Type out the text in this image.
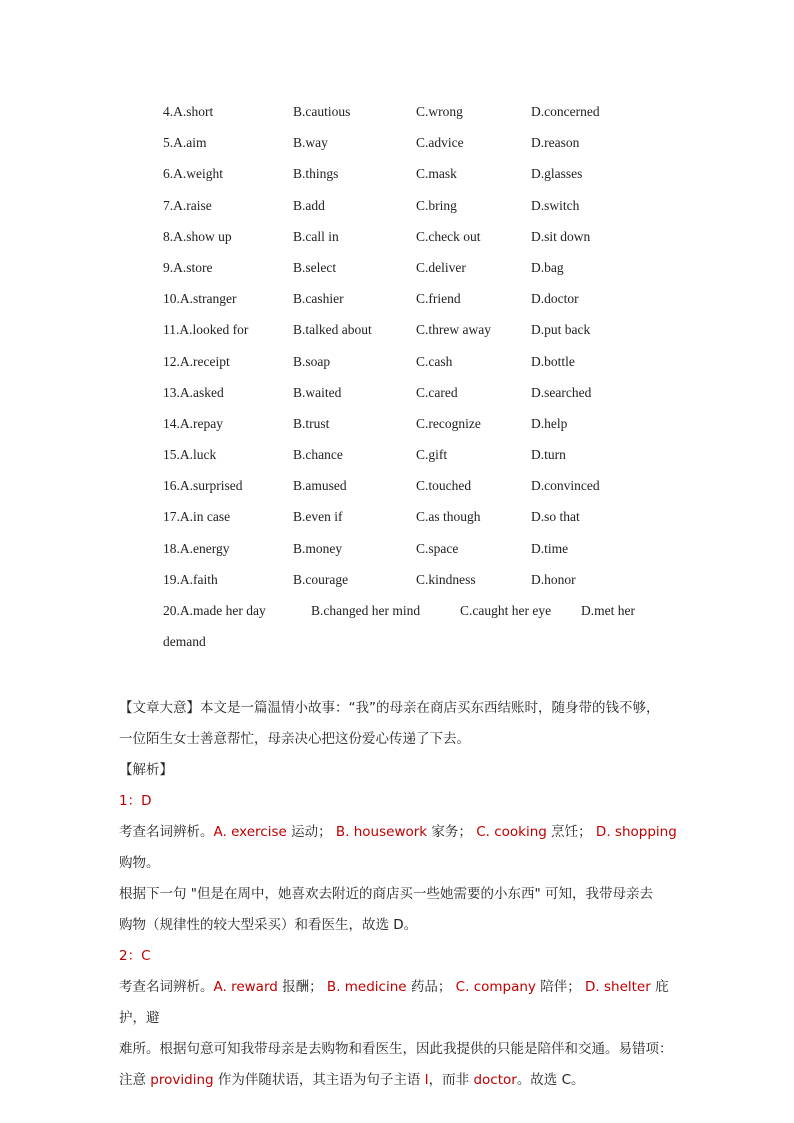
4.A.short	B.cautious	C.wrong	D.concerned
5.A.aim	B.way	C.advice	D.reason
6.A.weight	B.things	C.mask	D.glasses
7.A.raise	B.add	C.bring	D.switch
8.A.show up	B.call in	C.check out	D.sit down
9.A.store	B.select	C.deliver	D.bag
10.A.stranger	B.cashier	C.friend	D.doctor
11.A.looked for	B.talked about	C.threw away	D.put back
12.A.receipt	B.soap	C.cash	D.bottle
13.A.asked	B.waited	C.cared	D.searched
14.A.repay	B.trust	C.recognize	D.help
15.A.luck	B.chance	C.gift	D.turn
16.A.surprised	B.amused	C.touched	D.convinced
17.A.in case	B.even if	C.as though	D.so that
18.A.energy	B.money	C.space	D.time
19.A.faith	B.courage	C.kindness	D.honor
20.A.made her day	B.changed her mind	C.caught her eye D.met her
demand

【文章大意】本文是一篇温情小故事：“我”的母亲在商店买东西结账时，随身带的钱不够，

一位陌生女士善意帮忙，母亲决心把这份爱心传递了下去。

【解析】

1：D

考查名词辨析。A. exercise 运动； B. housework 家务； C. cooking 烹饪； D. shopping购物。

根据下一句 "但是在周中，她喜欢去附近的商店买一些她需要的小东西" 可知，我带母亲去

购物（规律性的较大型采买）和看医生，故选 D。

2：C

考查名词辨析。A. reward 报酬； B. medicine 药品； C. company 陪伴； D. shelter 庇护，避

难所。根据句意可知我带母亲是去购物和看医生，因此我提供的只能是陪伴和交通。易错项：

注意 providing 作为伴随状语，其主语为句子主语 I，而非 doctor。故选 C。
